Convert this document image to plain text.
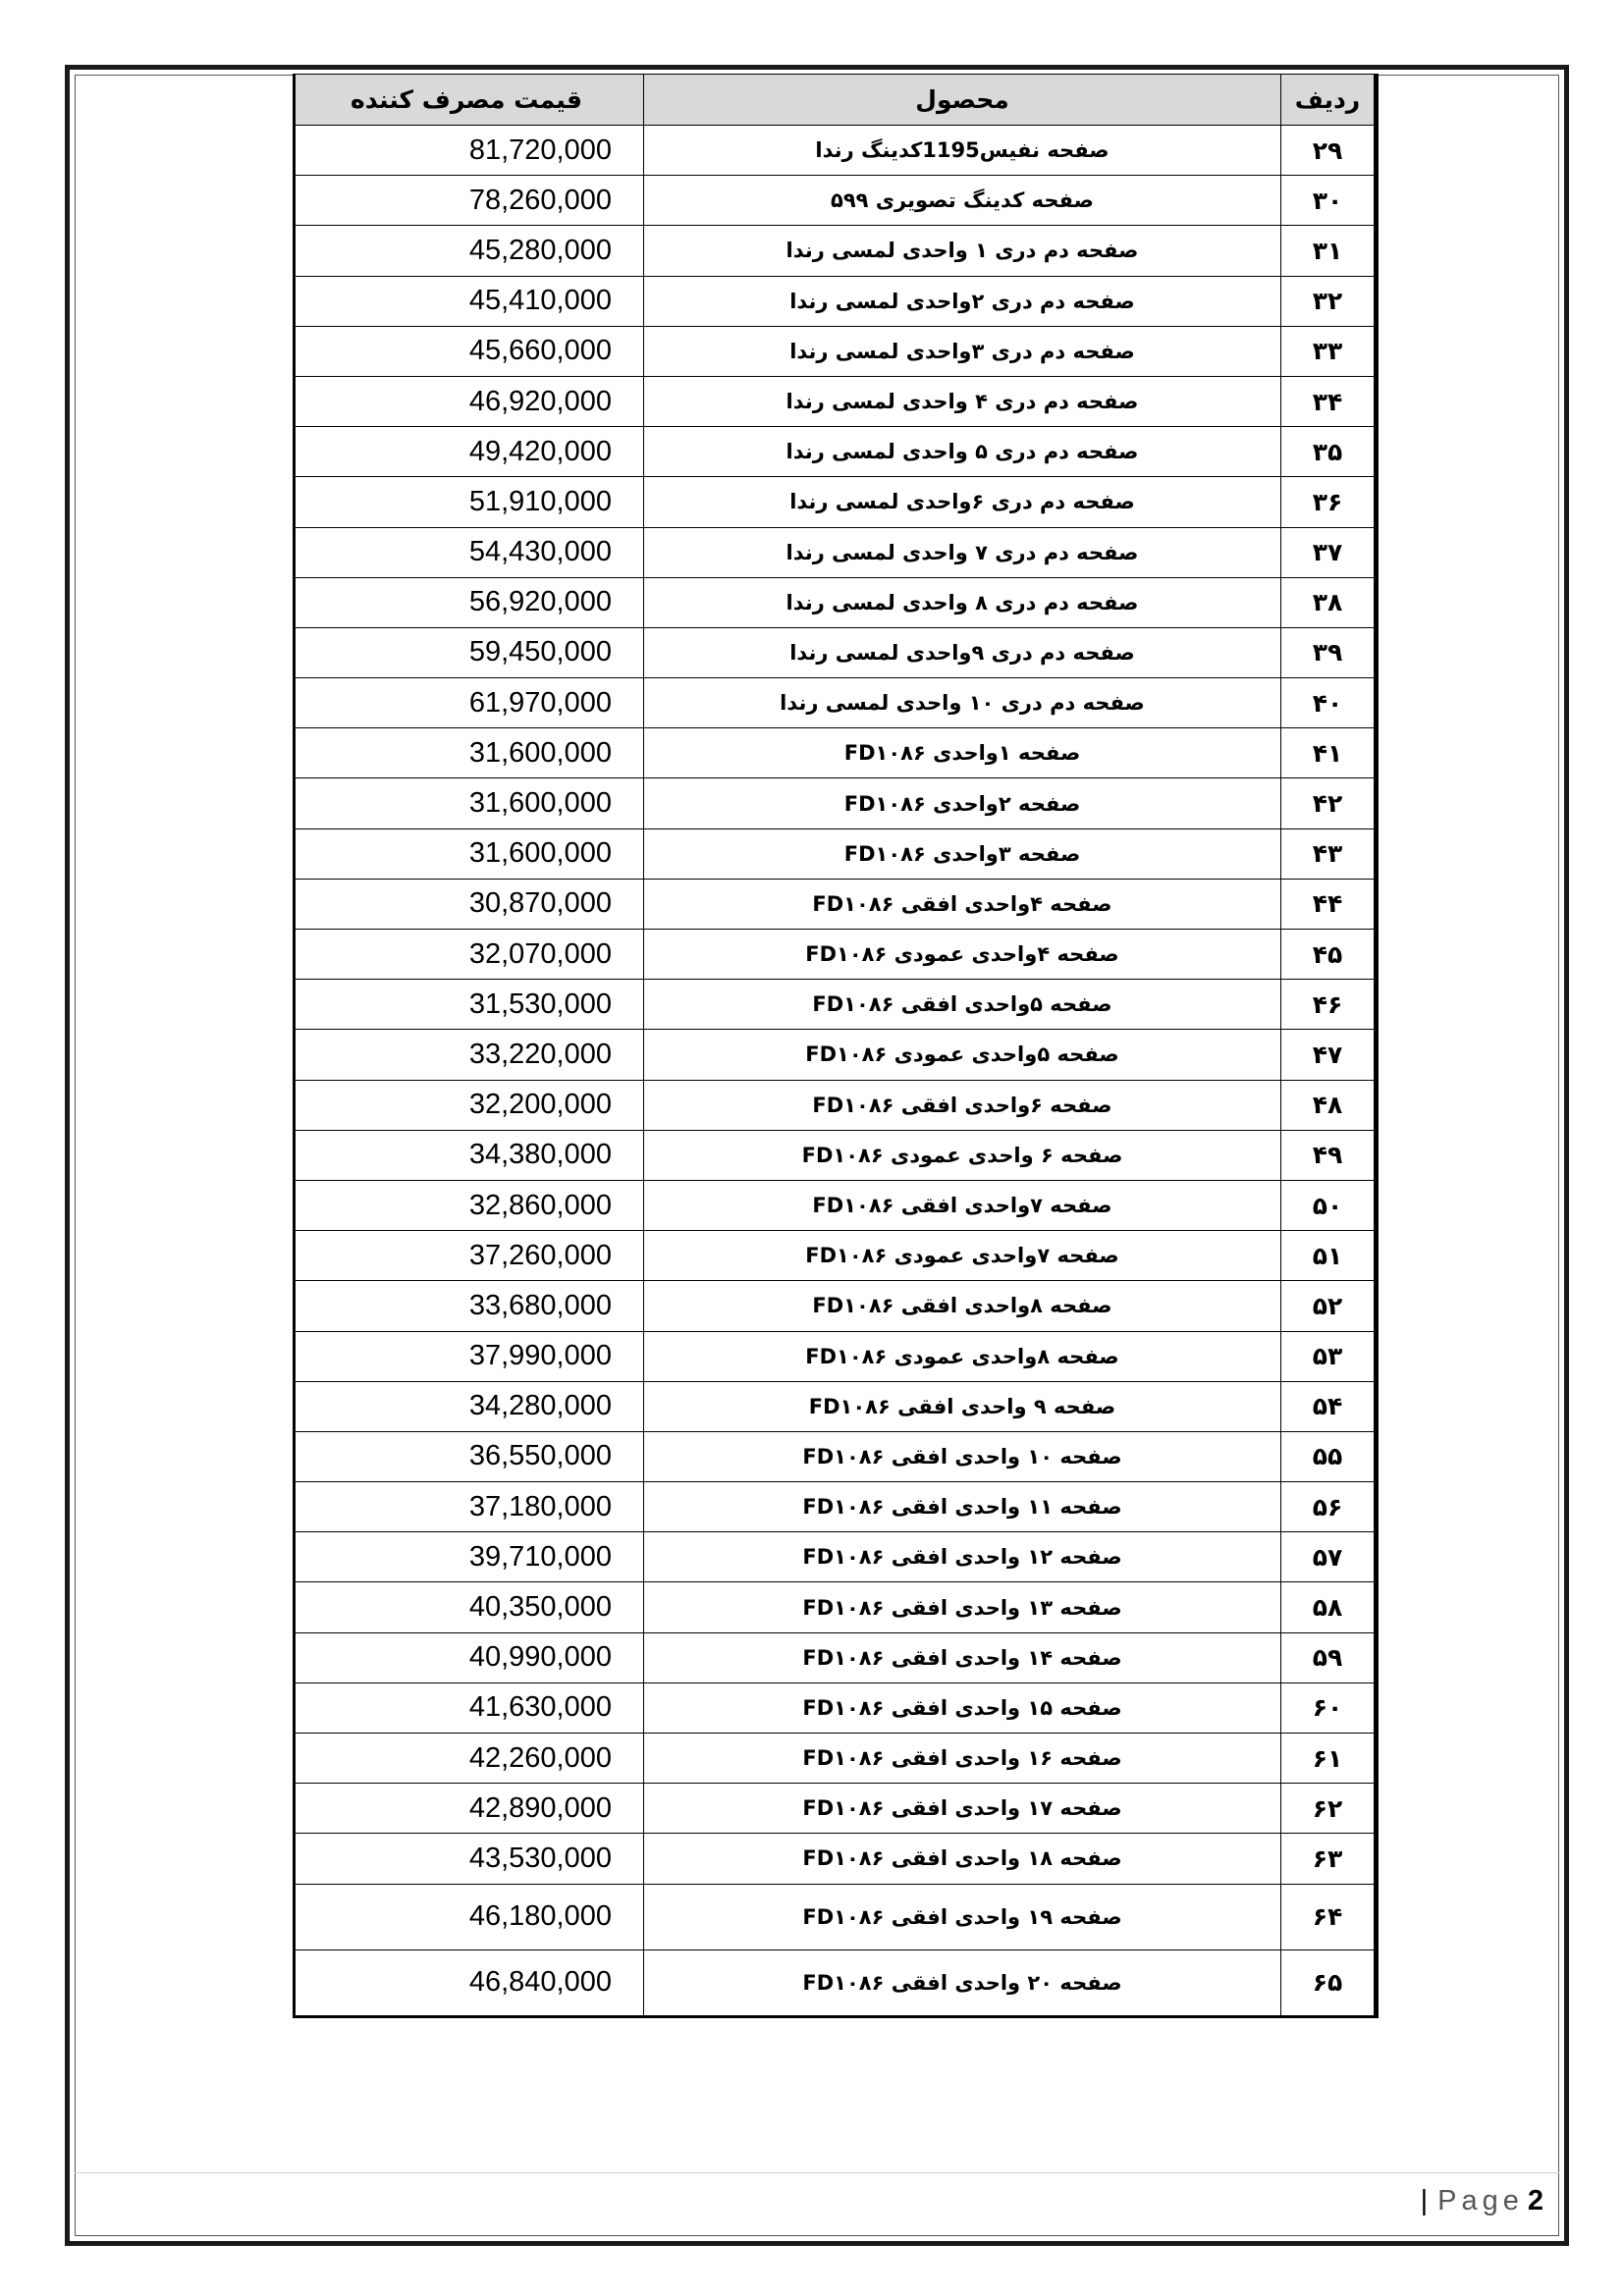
قیمت مصرف کننده	محصول	ردیف
81,720,000	صفحه نفیس1195کدینگ رندا	۲۹
78,260,000	صفحه کدینگ تصویری ۵۹۹	۳۰
45,280,000	صفحه دم دری ۱ واحدی لمسی رندا	۳۱
45,410,000	صفحه دم دری ۲واحدی لمسی رندا	۳۲
45,660,000	صفحه دم دری ۳واحدی لمسی رندا	۳۳
46,920,000	صفحه دم دری ۴ واحدی لمسی رندا	۳۴
49,420,000	صفحه دم دری ۵ واحدی لمسی رندا	۳۵
51,910,000	صفحه دم دری ۶واحدی لمسی رندا	۳۶
54,430,000	صفحه دم دری ۷ واحدی لمسی رندا	۳۷
56,920,000	صفحه دم دری ۸ واحدی لمسی رندا	۳۸
59,450,000	صفحه دم دری ۹واحدی لمسی رندا	۳۹
61,970,000	صفحه دم دری ۱۰ واحدی لمسی رندا	۴۰
31,600,000	صفحه ۱واحدی FD۱۰۸۶	۴۱
31,600,000	صفحه ۲واحدی FD۱۰۸۶	۴۲
31,600,000	صفحه ۳واحدی FD۱۰۸۶	۴۳
30,870,000	صفحه ۴واحدی افقی FD۱۰۸۶	۴۴
32,070,000	صفحه ۴واحدی عمودی FD۱۰۸۶	۴۵
31,530,000	صفحه ۵واحدی افقی FD۱۰۸۶	۴۶
33,220,000	صفحه ۵واحدی عمودی FD۱۰۸۶	۴۷
32,200,000	صفحه ۶واحدی افقی FD۱۰۸۶	۴۸
34,380,000	صفحه ۶ واحدی عمودی FD۱۰۸۶	۴۹
32,860,000	صفحه ۷واحدی افقی FD۱۰۸۶	۵۰
37,260,000	صفحه ۷واحدی عمودی FD۱۰۸۶	۵۱
33,680,000	صفحه ۸واحدی افقی FD۱۰۸۶	۵۲
37,990,000	صفحه ۸واحدی عمودی FD۱۰۸۶	۵۳
34,280,000	صفحه ۹ واحدی افقی FD۱۰۸۶	۵۴
36,550,000	صفحه ۱۰ واحدی افقی FD۱۰۸۶	۵۵
37,180,000	صفحه ۱۱ واحدی افقی FD۱۰۸۶	۵۶
39,710,000	صفحه ۱۲ واحدی افقی FD۱۰۸۶	۵۷
40,350,000	صفحه ۱۳ واحدی افقی FD۱۰۸۶	۵۸
40,990,000	صفحه ۱۴ واحدی افقی FD۱۰۸۶	۵۹
41,630,000	صفحه ۱۵ واحدی افقی FD۱۰۸۶	۶۰
42,260,000	صفحه ۱۶ واحدی افقی FD۱۰۸۶	۶۱
42,890,000	صفحه ۱۷ واحدی افقی FD۱۰۸۶	۶۲
43,530,000	صفحه ۱۸ واحدی افقی FD۱۰۸۶	۶۳
46,180,000	صفحه ۱۹ واحدی افقی FD۱۰۸۶	۶۴
46,840,000	صفحه ۲۰ واحدی افقی FD۱۰۸۶	۶۵
| Page 2
